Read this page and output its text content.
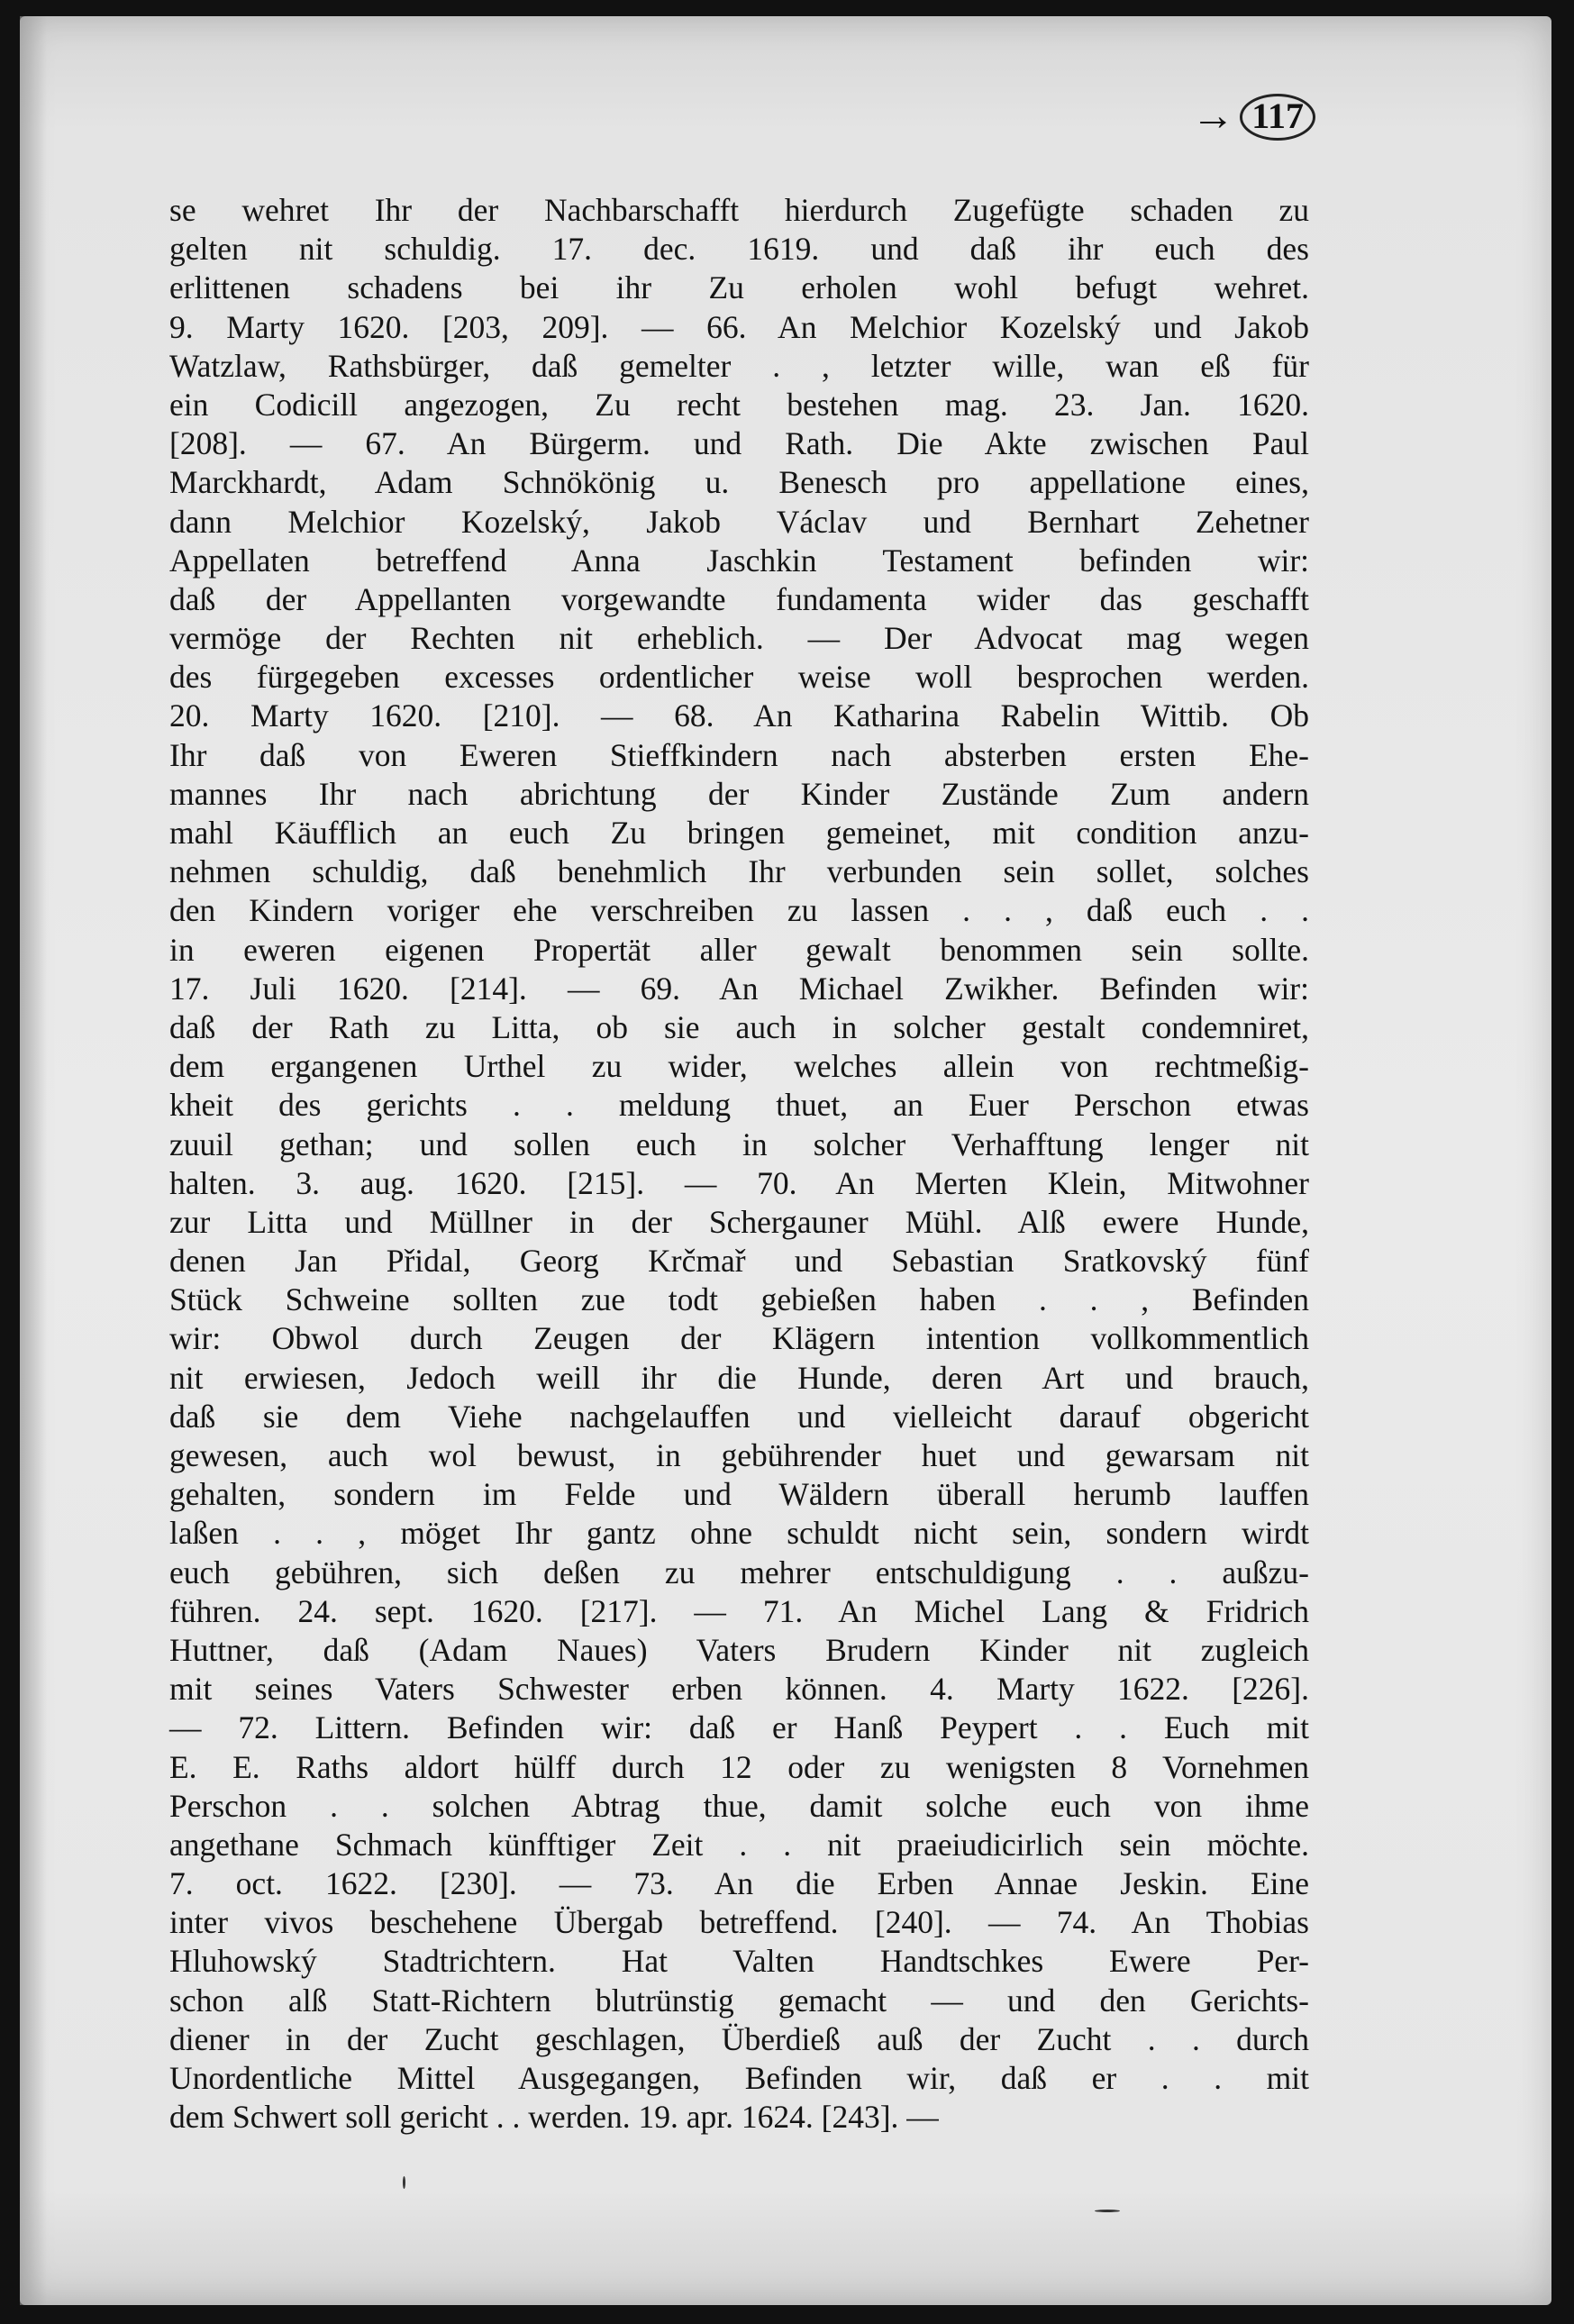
→ 117
se wehret Ihr der Nachbarschafft hierdurch Zugefügte schaden zu
gelten nit schuldig. 17. dec. 1619. und daß ihr euch des
erlittenen schadens bei ihr Zu erholen wohl befugt wehret.
9. Marty 1620. [203, 209]. — 66. An Melchior Kozelský und Jakob
Watzlaw, Rathsbürger, daß gemelter . , letzter wille, wan eß für
ein Codicill angezogen, Zu recht bestehen mag. 23. Jan. 1620.
[208]. — 67. An Bürgerm. und Rath. Die Akte zwischen Paul
Marckhardt, Adam Schnökönig u. Benesch pro appellatione eines,
dann Melchior Kozelský, Jakob Václav und Bernhart Zehetner
Appellaten betreffend Anna Jaschkin Testament befinden wir:
daß der Appellanten vorgewandte fundamenta wider das geschafft
vermöge der Rechten nit erheblich. — Der Advocat mag wegen
des fürgegeben excesses ordentlicher weise woll besprochen werden.
20. Marty 1620. [210]. — 68. An Katharina Rabelin Wittib. Ob
Ihr daß von Eweren Stieffkindern nach absterben ersten Ehe-
mannes Ihr nach abrichtung der Kinder Zustände Zum andern
mahl Käufflich an euch Zu bringen gemeinet, mit condition anzu-
nehmen schuldig, daß benehmlich Ihr verbunden sein sollet, solches
den Kindern voriger ehe verschreiben zu lassen . . , daß euch . .
in eweren eigenen Propertät aller gewalt benommen sein sollte.
17. Juli 1620. [214]. — 69. An Michael Zwikher. Befinden wir:
daß der Rath zu Litta, ob sie auch in solcher gestalt condemniret,
dem ergangenen Urthel zu wider, welches allein von rechtmeßig-
kheit des gerichts . . meldung thuet, an Euer Perschon etwas
zuuil gethan; und sollen euch in solcher Verhafftung lenger nit
halten. 3. aug. 1620. [215]. — 70. An Merten Klein, Mitwohner
zur Litta und Müllner in der Schergauner Mühl. Alß ewere Hunde,
denen Jan Přidal, Georg Krčmař und Sebastian Sratkovský fünf
Stück Schweine sollten zue todt gebießen haben . . , Befinden
wir: Obwol durch Zeugen der Klägern intention vollkommentlich
nit erwiesen, Jedoch weill ihr die Hunde, deren Art und brauch,
daß sie dem Viehe nachgelauffen und vielleicht darauf obgericht
gewesen, auch wol bewust, in gebührender huet und gewarsam nit
gehalten, sondern im Felde und Wäldern überall herumb lauffen
laßen . . , möget Ihr gantz ohne schuldt nicht sein, sondern wirdt
euch gebühren, sich deßen zu mehrer entschuldigung . . außzu-
führen. 24. sept. 1620. [217]. — 71. An Michel Lang & Fridrich
Huttner, daß (Adam Naues) Vaters Brudern Kinder nit zugleich
mit seines Vaters Schwester erben können. 4. Marty 1622. [226].
— 72. Littern. Befinden wir: daß er Hanß Peypert . . Euch mit
E. E. Raths aldort hülff durch 12 oder zu wenigsten 8 Vornehmen
Perschon . . solchen Abtrag thue, damit solche euch von ihme
angethane Schmach künfftiger Zeit . . nit praeiudicirlich sein möchte.
7. oct. 1622. [230]. — 73. An die Erben Annae Jeskin. Eine
inter vivos beschehene Übergab betreffend. [240]. — 74. An Thobias
Hluhowský Stadtrichtern. Hat Valten Handtschkes Ewere Per-
schon alß Statt-Richtern blutrünstig gemacht — und den Gerichts-
diener in der Zucht geschlagen, Überdieß auß der Zucht . . durch
Unordentliche Mittel Ausgegangen, Befinden wir, daß er . . mit
dem Schwert soll gericht . . werden. 19. apr. 1624. [243]. —
